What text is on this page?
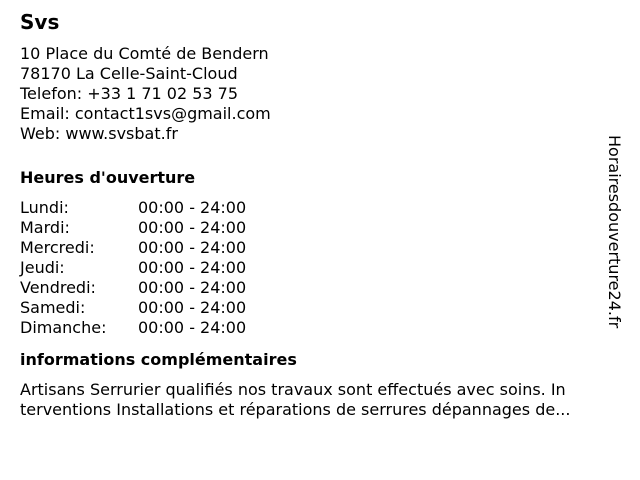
Svs
10 Place du Comté de Bendern
78170 La Celle-Saint-Cloud
Telefon: +33 1 71 02 53 75
Email: contact1svs@gmail.com
Web: www.svsbat.fr
Heures d'ouverture
Lundi:	00:00 - 24:00
Mardi:	00:00 - 24:00
Mercredi:	00:00 - 24:00
Jeudi:	00:00 - 24:00
Vendredi:	00:00 - 24:00
Samedi:	00:00 - 24:00
Dimanche:	00:00 - 24:00
informations complémentaires
Artisans Serrurier qualifiés nos travaux sont effectués avec soins. In
terventions Installations et réparations de serrures dépannages de...
Horairesdouverture24.fr
